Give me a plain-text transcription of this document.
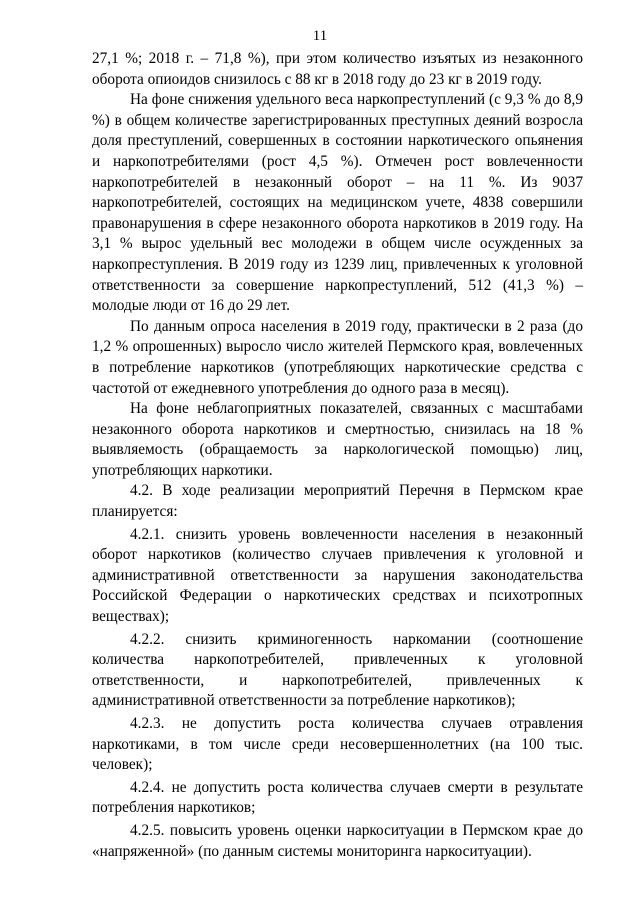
11

27,1 %; 2018 г. – 71,8 %), при этом количество изъятых из незаконного оборота опиоидов снизилось с 88 кг в 2018 году до 23 кг в 2019 году.

На фоне снижения удельного веса наркопреступлений (с 9,3 % до 8,9 %) в общем количестве зарегистрированных преступных деяний возросла доля преступлений, совершенных в состоянии наркотического опьянения и наркопотребителями (рост 4,5 %). Отмечен рост вовлеченности наркопотребителей в незаконный оборот – на 11 %. Из 9037 наркопотребителей, состоящих на медицинском учете, 4838 совершили правонарушения в сфере незаконного оборота наркотиков в 2019 году. На 3,1 % вырос удельный вес молодежи в общем числе осужденных за наркопреступления. В 2019 году из 1239 лиц, привлеченных к уголовной ответственности за совершение наркопреступлений, 512 (41,3 %) – молодые люди от 16 до 29 лет.

По данным опроса населения в 2019 году, практически в 2 раза (до 1,2 % опрошенных) выросло число жителей Пермского края, вовлеченных в потребление наркотиков (употребляющих наркотические средства с частотой от ежедневного употребления до одного раза в месяц).

На фоне неблагоприятных показателей, связанных с масштабами незаконного оборота наркотиков и смертностью, снизилась на 18 % выявляемость (обращаемость за наркологической помощью) лиц, употребляющих наркотики.

4.2. В ходе реализации мероприятий Перечня в Пермском крае планируется:

4.2.1. снизить уровень вовлеченности населения в незаконный оборот наркотиков (количество случаев привлечения к уголовной и административной ответственности за нарушения законодательства Российской Федерации о наркотических средствах и психотропных веществах);

4.2.2. снизить криминогенность наркомании (соотношение количества наркопотребителей, привлеченных к уголовной ответственности, и наркопотребителей, привлеченных к административной ответственности за потребление наркотиков);

4.2.3. не допустить роста количества случаев отравления наркотиками, в том числе среди несовершеннолетних (на 100 тыс. человек);

4.2.4. не допустить роста количества случаев смерти в результате потребления наркотиков;

4.2.5. повысить уровень оценки наркоситуации в Пермском крае до «напряженной» (по данным системы мониторинга наркоситуации).
